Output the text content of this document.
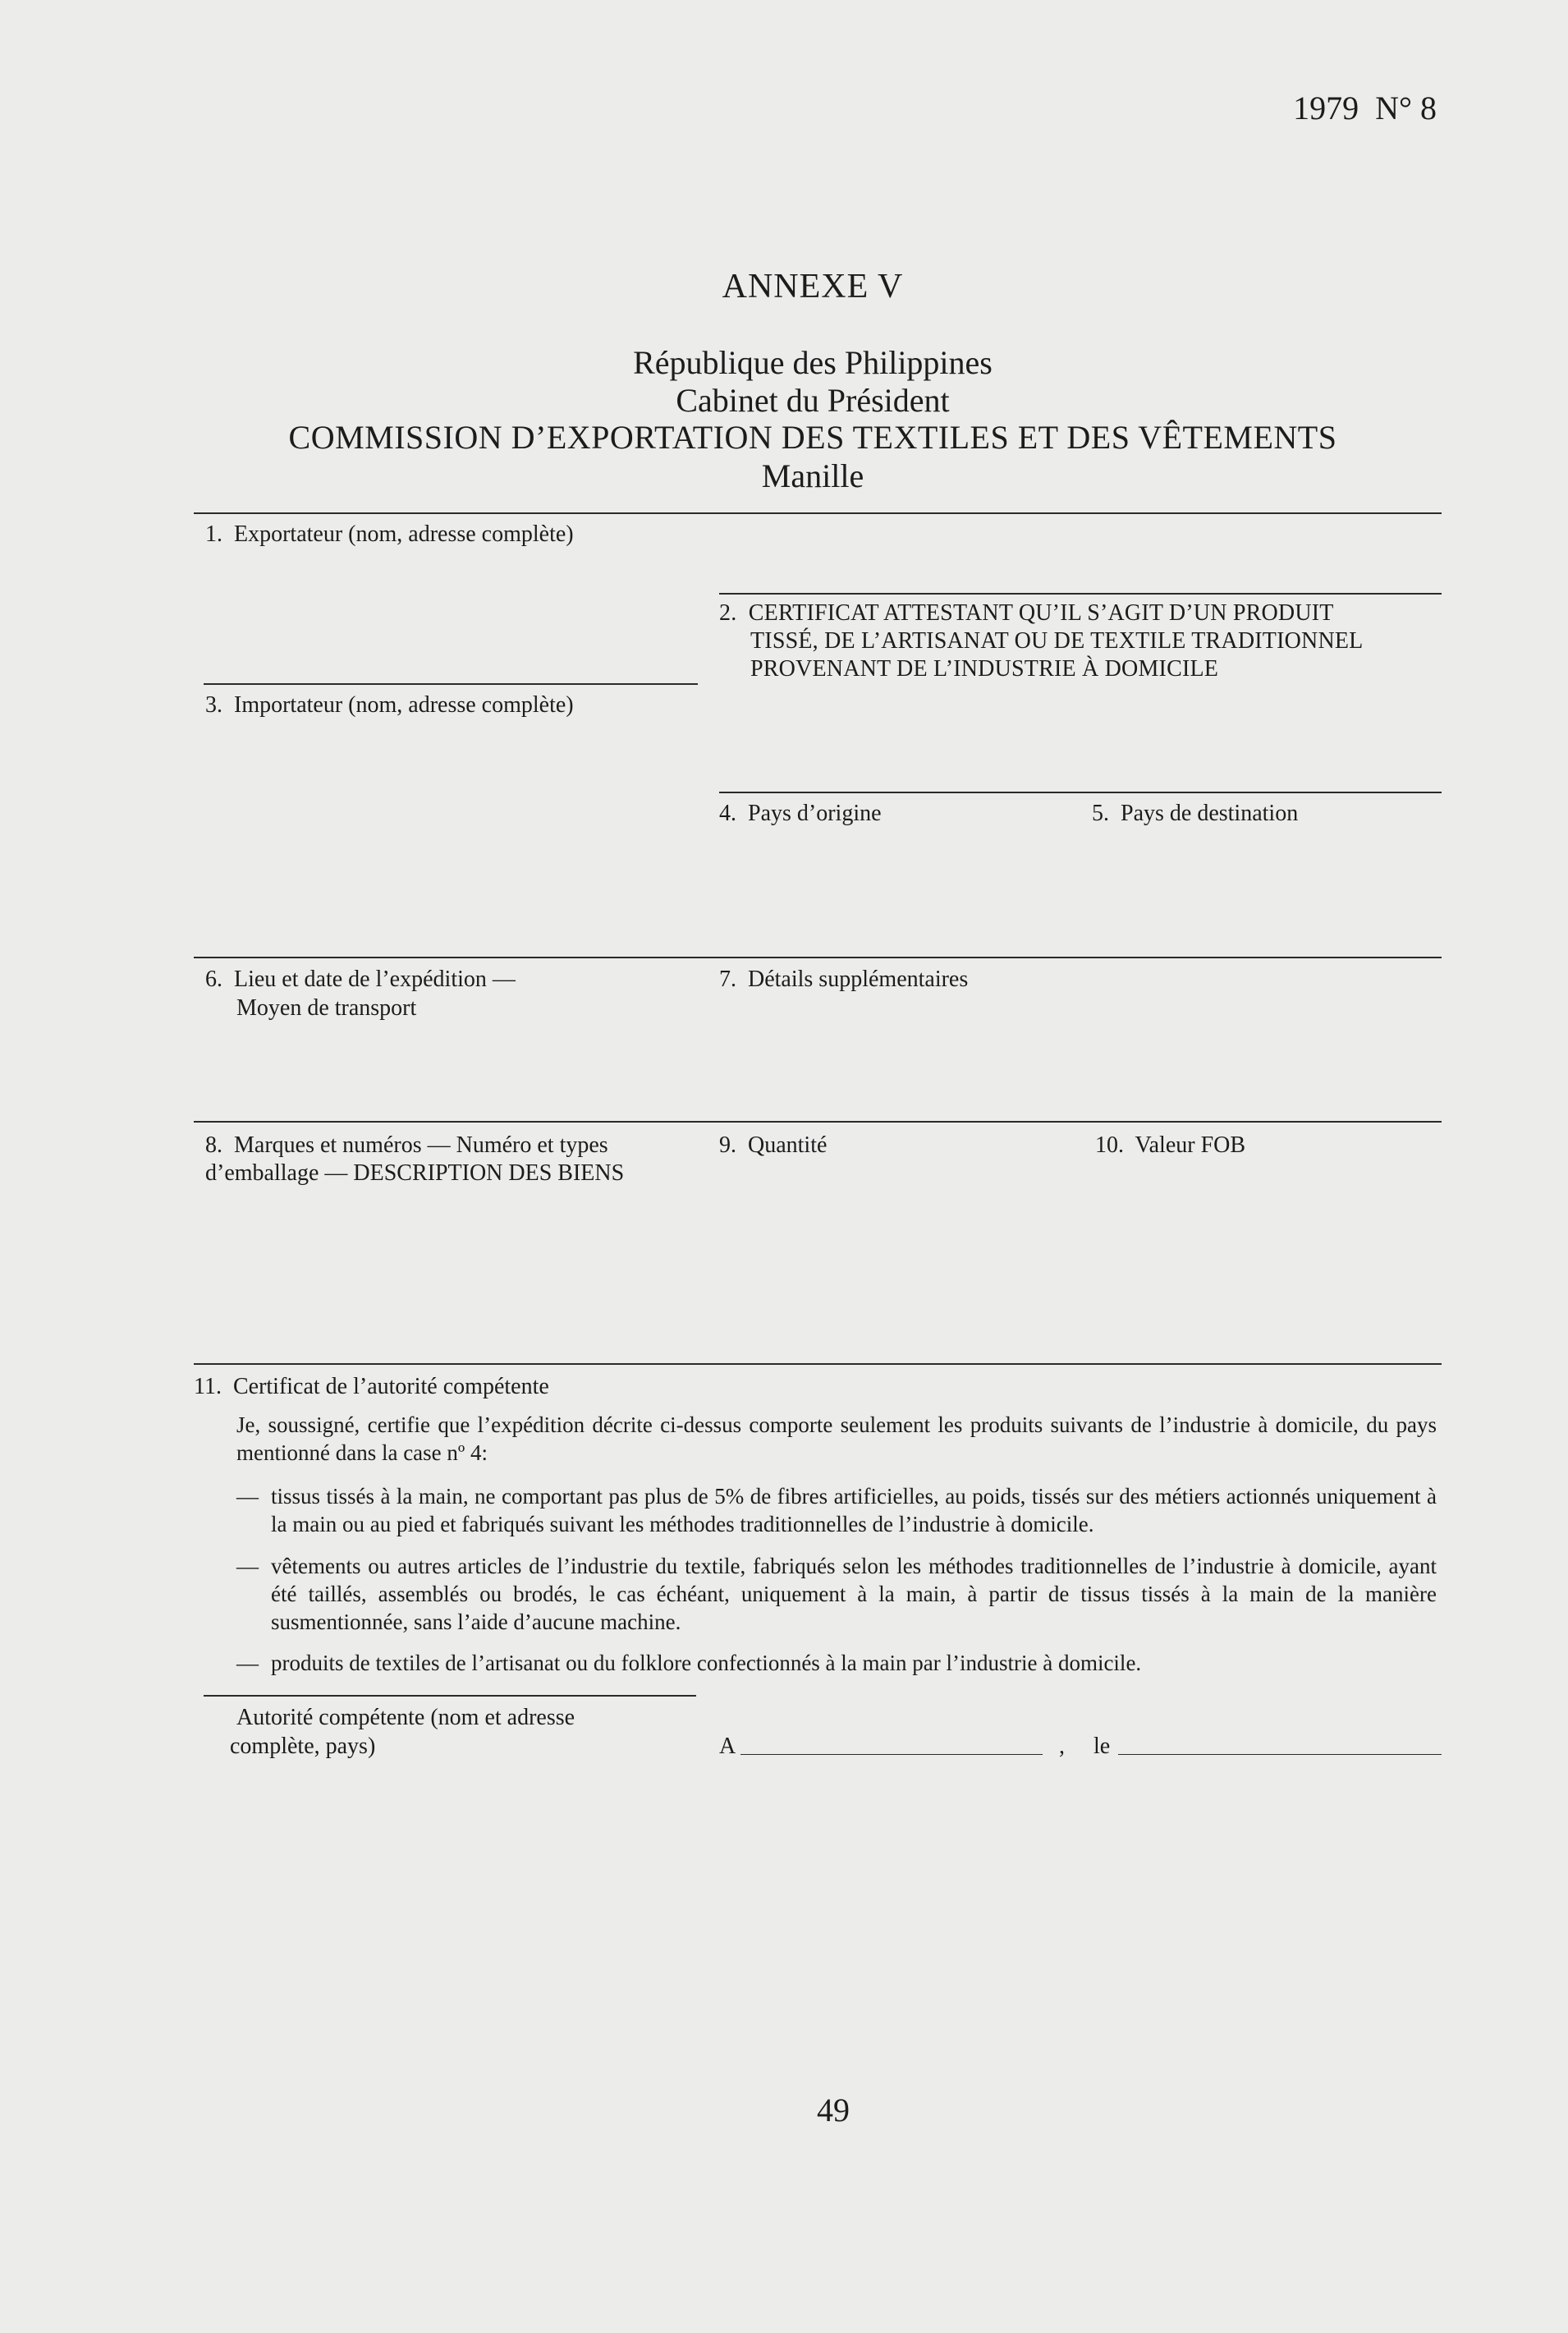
1979  N° 8
ANNEXE V
République des Philippines
Cabinet du Président
COMMISSION D’EXPORTATION DES TEXTILES ET DES VÊTEMENTS
Manille
1.  Exportateur (nom, adresse complète)
2.  CERTIFICAT ATTESTANT QU’IL S’AGIT D’UN PRODUIT
TISSÉ, DE L’ARTISANAT OU DE TEXTILE TRADITIONNEL
PROVENANT DE L’INDUSTRIE À DOMICILE
3.  Importateur (nom, adresse complète)
4.  Pays d’origine	5.  Pays de destination
6.  Lieu et date de l’expédition —
Moyen de transport
7.  Détails supplémentaires
8.  Marques et numéros — Numéro et types
d’emballage — DESCRIPTION DES BIENS
9.  Quantité	10.  Valeur FOB
11.  Certificat de l’autorité compétente
Je, soussigné, certifie que l’expédition décrite ci-dessus comporte seulement les produits suivants de l’industrie à domicile, du pays mentionné dans la case nº 4:
— tissus tissés à la main, ne comportant pas plus de 5% de fibres artificielles, au poids, tissés sur des métiers actionnés uniquement à la main ou au pied et fabriqués suivant les méthodes traditionnelles de l’industrie à domicile.
— vêtements ou autres articles de l’industrie du textile, fabriqués selon les méthodes traditionnelles de l’industrie à domicile, ayant été taillés, assemblés ou brodés, le cas échéant, uniquement à la main, à partir de tissus tissés à la main de la manière susmentionnée, sans l’aide d’aucune machine.
— produits de textiles de l’artisanat ou du folklore confectionnés à la main par l’industrie à domicile.
Autorité compétente (nom et adresse
complète, pays)	A	, le
49
